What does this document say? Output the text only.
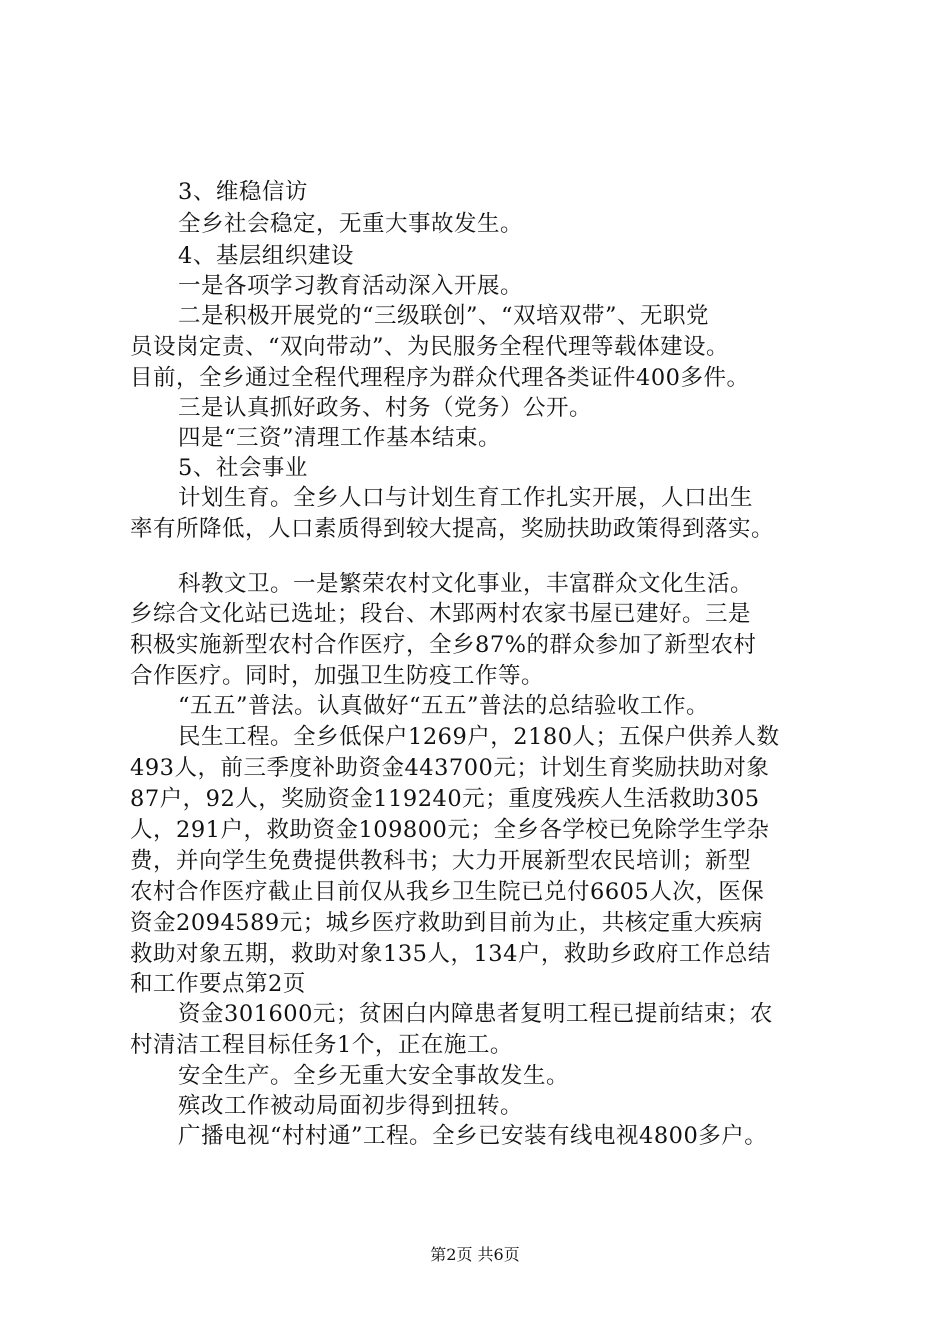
3、维稳信访
全乡社会稳定，无重大事故发生。
4、基层组织建设
一是各项学习教育活动深入开展。
二是积极开展党的“三级联创”、“双培双带”、无职党
员设岗定责、“双向带动”、为民服务全程代理等载体建设。
目前，全乡通过全程代理程序为群众代理各类证件400多件。
三是认真抓好政务、村务（党务）公开。
四是“三资”清理工作基本结束。
5、社会事业
计划生育。全乡人口与计划生育工作扎实开展，人口出生
率有所降低，人口素质得到较大提高，奖励扶助政策得到落实。
科教文卫。一是繁荣农村文化事业，丰富群众文化生活。
乡综合文化站已选址；段台、木郢两村农家书屋已建好。三是
积极实施新型农村合作医疗，全乡87%的群众参加了新型农村
合作医疗。同时，加强卫生防疫工作等。
“五五”普法。认真做好“五五”普法的总结验收工作。
民生工程。全乡低保户1269户，2180人；五保户供养人数
493人，前三季度补助资金443700元；计划生育奖励扶助对象
87户，92人，奖励资金119240元；重度残疾人生活救助305
人，291户，救助资金109800元；全乡各学校已免除学生学杂
费，并向学生免费提供教科书；大力开展新型农民培训；新型
农村合作医疗截止目前仅从我乡卫生院已兑付6605人次，医保
资金2094589元；城乡医疗救助到目前为止，共核定重大疾病
救助对象五期，救助对象135人，134户，救助乡政府工作总结
和工作要点第2页
资金301600元；贫困白内障患者复明工程已提前结束；农
村清洁工程目标任务1个，正在施工。
安全生产。全乡无重大安全事故发生。
殡改工作被动局面初步得到扭转。
广播电视“村村通”工程。全乡已安装有线电视4800多户。
第2页 共6页
